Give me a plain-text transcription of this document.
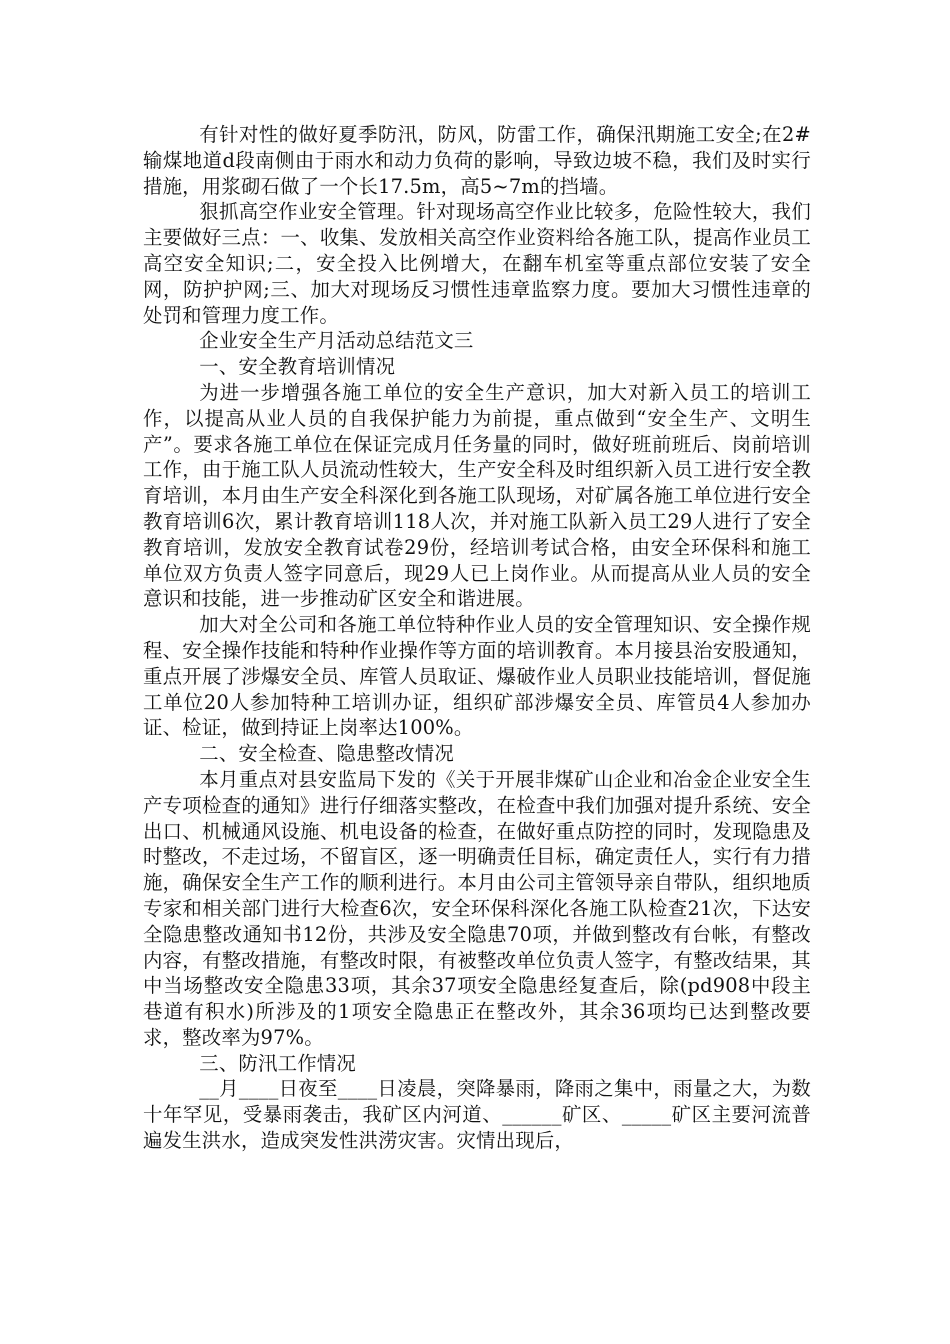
有针对性的做好夏季防汛，防风，防雷工作，确保汛期施工安全;在2#输煤地道d段南侧由于雨水和动力负荷的影响，导致边坡不稳，我们及时实行措施，用浆砌石做了一个长17.5m，高5~7m的挡墙。

狠抓高空作业安全管理。针对现场高空作业比较多，危险性较大，我们主要做好三点：一、收集、发放相关高空作业资料给各施工队，提高作业员工高空安全知识;二，安全投入比例增大，在翻车机室等重点部位安装了安全网，防护护网;三、加大对现场反习惯性违章监察力度。要加大习惯性违章的处罚和管理力度工作。

企业安全生产月活动总结范文三

一、安全教育培训情况

为进一步增强各施工单位的安全生产意识，加大对新入员工的培训工作，以提高从业人员的自我保护能力为前提，重点做到“安全生产、文明生产”。要求各施工单位在保证完成月任务量的同时，做好班前班后、岗前培训工作，由于施工队人员流动性较大，生产安全科及时组织新入员工进行安全教育培训，本月由生产安全科深化到各施工队现场，对矿属各施工单位进行安全教育培训6次，累计教育培训118人次，并对施工队新入员工29人进行了安全教育培训，发放安全教育试卷29份，经培训考试合格，由安全环保科和施工单位双方负责人签字同意后，现29人已上岗作业。从而提高从业人员的安全意识和技能，进一步推动矿区安全和谐进展。

加大对全公司和各施工单位特种作业人员的安全管理知识、安全操作规程、安全操作技能和特种作业操作等方面的培训教育。本月接县治安股通知，重点开展了涉爆安全员、库管人员取证、爆破作业人员职业技能培训，督促施工单位20人参加特种工培训办证，组织矿部涉爆安全员、库管员4人参加办证、检证，做到持证上岗率达100%。

二、安全检查、隐患整改情况

本月重点对县安监局下发的《关于开展非煤矿山企业和冶金企业安全生产专项检查的通知》进行仔细落实整改，在检查中我们加强对提升系统、安全出口、机械通风设施、机电设备的检查，在做好重点防控的同时，发现隐患及时整改，不走过场，不留盲区，逐一明确责任目标，确定责任人，实行有力措施，确保安全生产工作的顺利进行。本月由公司主管领导亲自带队，组织地质专家和相关部门进行大检查6次，安全环保科深化各施工队检查21次，下达安全隐患整改通知书12份，共涉及安全隐患70项，并做到整改有台帐，有整改内容，有整改措施，有整改时限，有被整改单位负责人签字，有整改结果，其中当场整改安全隐患33项，其余37项安全隐患经复查后，除(pd908中段主巷道有积水)所涉及的1项安全隐患正在整改外，其余36项均已达到整改要求，整改率为97%。

三、防汛工作情况

__月____日夜至____日凌晨，突降暴雨，降雨之集中，雨量之大，为数十年罕见，受暴雨袭击，我矿区内河道、______矿区、_____矿区主要河流普遍发生洪水，造成突发性洪涝灾害。灾情出现后，
